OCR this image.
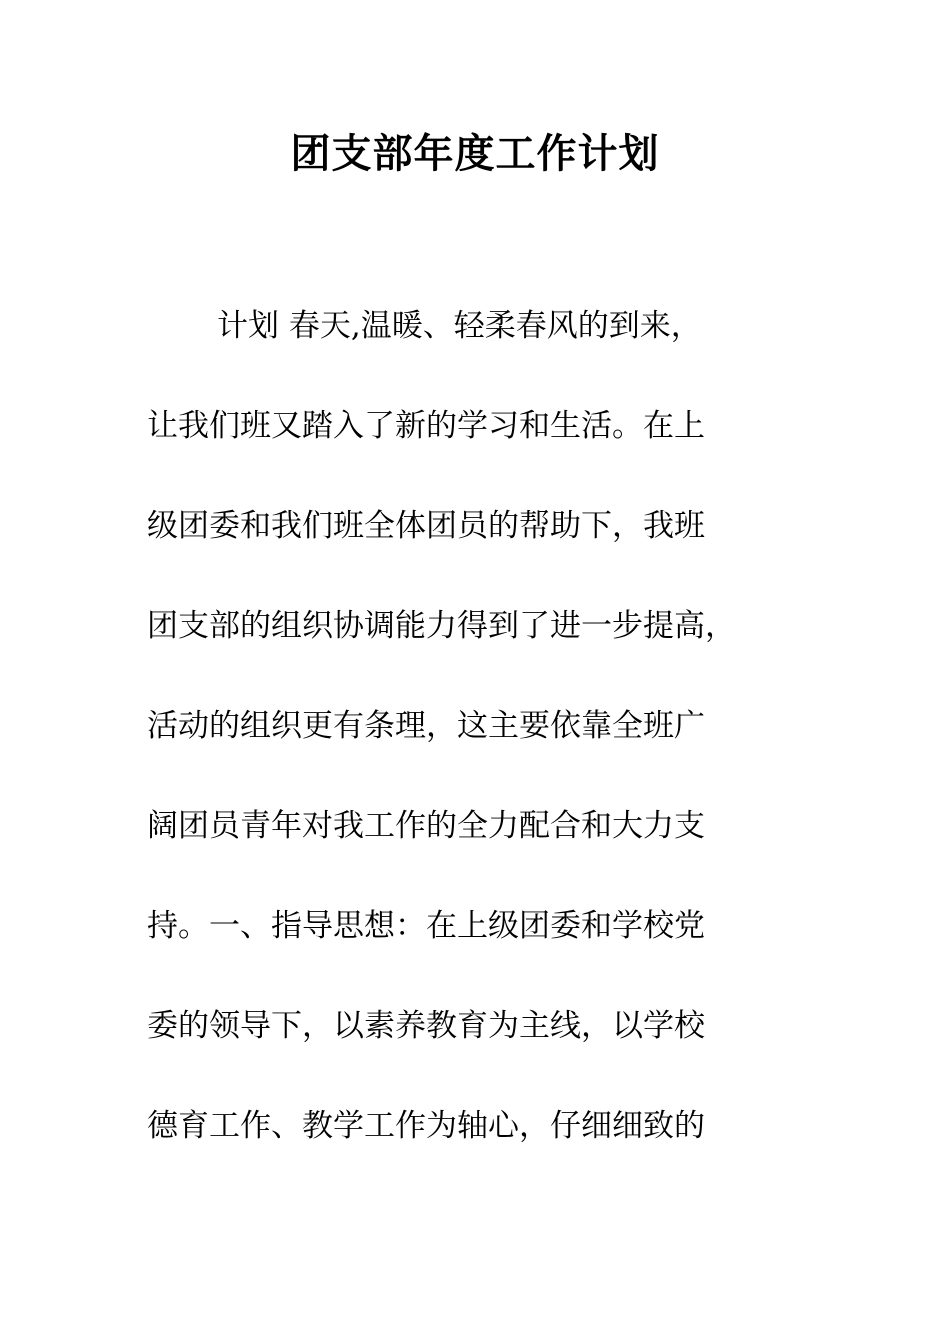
团支部年度工作计划
计划 春天,温暖、轻柔春风的到来，
让我们班又踏入了新的学习和生活。在上
级团委和我们班全体团员的帮助下，我班
团支部的组织协调能力得到了进一步提高，
活动的组织更有条理，这主要依靠全班广
阔团员青年对我工作的全力配合和大力支
持。一、指导思想：在上级团委和学校党
委的领导下，以素养教育为主线，以学校
德育工作、教学工作为轴心，仔细细致的
